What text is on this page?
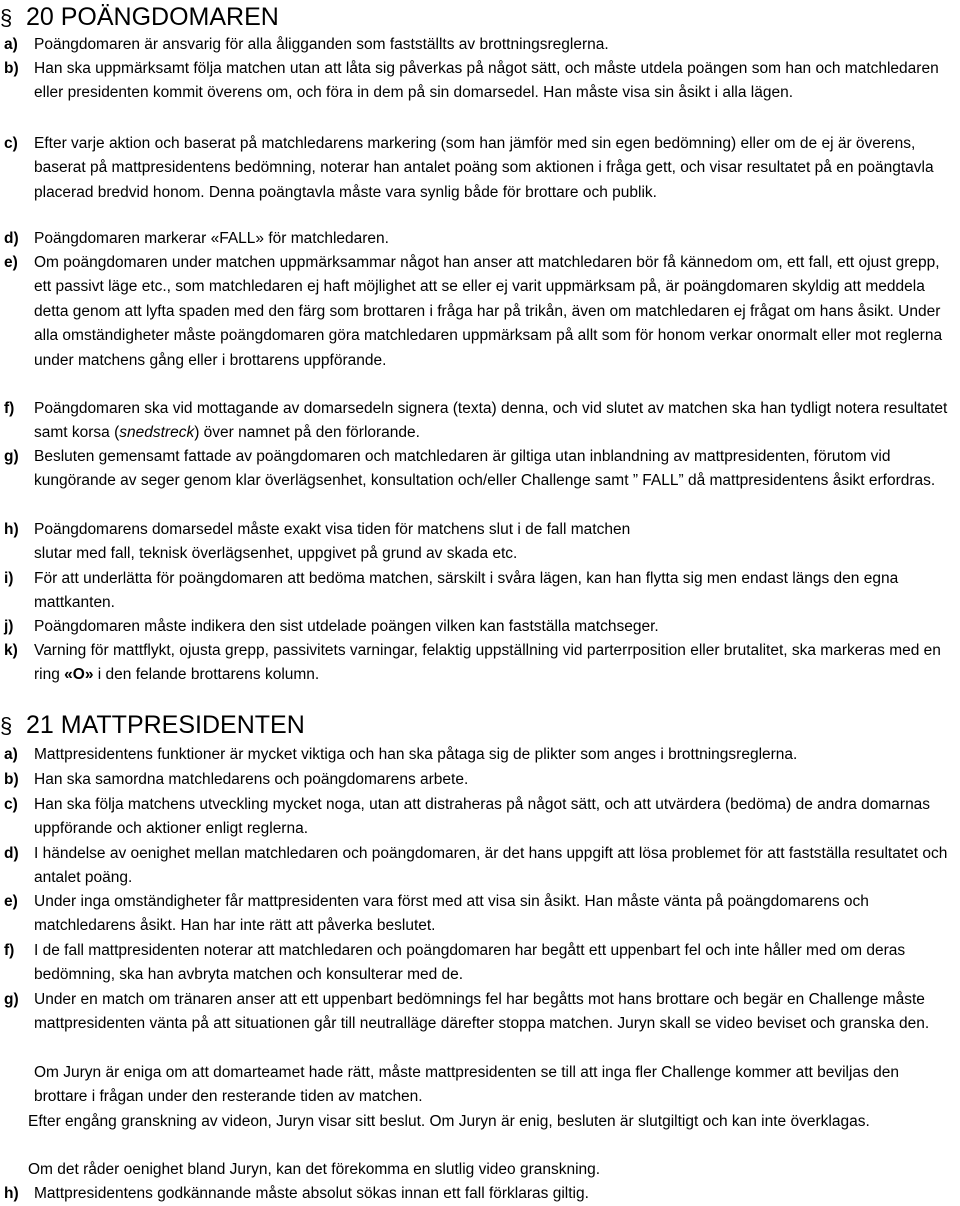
§ 20 POÄNGDOMAREN
a) Poängdomaren är ansvarig för alla åligganden som fastställts av brottningsreglerna.
b) Han ska uppmärksamt följa matchen utan att låta sig påverkas på något sätt, och måste utdela poängen som han och matchledaren eller presidenten kommit överens om, och föra in dem på sin domarsedel. Han måste visa sin åsikt i alla lägen.
c) Efter varje aktion och baserat på matchledarens markering (som han jämför med sin egen bedömning) eller om de ej är överens, baserat på mattpresidentens bedömning, noterar han antalet poäng som aktionen i fråga gett, och visar resultatet på en poängtavla placerad bredvid honom. Denna poängtavla måste vara synlig både för brottare och publik.
d) Poängdomaren markerar «FALL» för matchledaren.
e) Om poängdomaren under matchen uppmärksammar något han anser att matchledaren bör få kännedom om, ett fall, ett ojust grepp, ett passivt läge etc., som matchledaren ej haft möjlighet att se eller ej varit uppmärksam på, är poängdomaren skyldig att meddela detta genom att lyfta spaden med den färg som brottaren i fråga har på trikån, även om matchledaren ej frågat om hans åsikt. Under alla omständigheter måste poängdomaren göra matchledaren uppmärksam på allt som för honom verkar onormalt eller mot reglerna under matchens gång eller i brottarens uppförande.
f) Poängdomaren ska vid mottagande av domarsedeln signera (texta) denna, och vid slutet av matchen ska han tydligt notera resultatet samt korsa (snedstreck) över namnet på den förlorande.
g) Besluten gemensamt fattade av poängdomaren och matchledaren är giltiga utan inblandning av mattpresidenten, förutom vid kungörande av seger genom klar överlägsenhet, konsultation och/eller Challenge samt ” FALL” då mattpresidentens åsikt erfordras.
h) Poängdomarens domarsedel måste exakt visa tiden för matchens slut i de fall matchen
slutar med fall, teknisk överlägsenhet, uppgivet på grund av skada etc.
i) För att underlätta för poängdomaren att bedöma matchen, särskilt i svåra lägen, kan han flytta sig men endast längs den egna mattkanten.
j) Poängdomaren måste indikera den sist utdelade poängen vilken kan fastställa matchseger.
k) Varning för mattflykt, ojusta grepp, passivitets varningar, felaktig uppställning vid parterrposition eller brutalitet, ska markeras med en ring «O» i den felande brottarens kolumn.
§ 21 MATTPRESIDENTEN
a) Mattpresidentens funktioner är mycket viktiga och han ska påtaga sig de plikter som anges i brottningsreglerna.
b) Han ska samordna matchledarens och poängdomarens arbete.
c) Han ska följa matchens utveckling mycket noga, utan att distraheras på något sätt, och att utvärdera (bedöma) de andra domarnas uppförande och aktioner enligt reglerna.
d) I händelse av oenighet mellan matchledaren och poängdomaren, är det hans uppgift att lösa problemet för att fastställa resultatet och antalet poäng.
e) Under inga omständigheter får mattpresidenten vara först med att visa sin åsikt. Han måste vänta på poängdomarens och matchledarens åsikt. Han har inte rätt att påverka beslutet.
f) I de fall mattpresidenten noterar att matchledaren och poängdomaren har begått ett uppenbart fel och inte håller med om deras bedömning, ska han avbryta matchen och konsulterar med de.
g) Under en match om tränaren anser att ett uppenbart bedömnings fel har begåtts mot hans brottare och begär en Challenge måste mattpresidenten vänta på att situationen går till neutralläge därefter stoppa matchen. Juryn skall se video beviset och granska den.
Om Juryn är eniga om att domarteamet hade rätt, måste mattpresidenten se till att inga fler Challenge kommer att beviljas den brottare i frågan under den resterande tiden av matchen.
Efter engång granskning av videon, Juryn visar sitt beslut. Om Juryn är enig, besluten är slutgiltigt och kan inte överklagas.
Om det råder oenighet bland Juryn, kan det förekomma en slutlig video granskning.
h) Mattpresidentens godkännande måste absolut sökas innan ett fall förklaras giltig.
